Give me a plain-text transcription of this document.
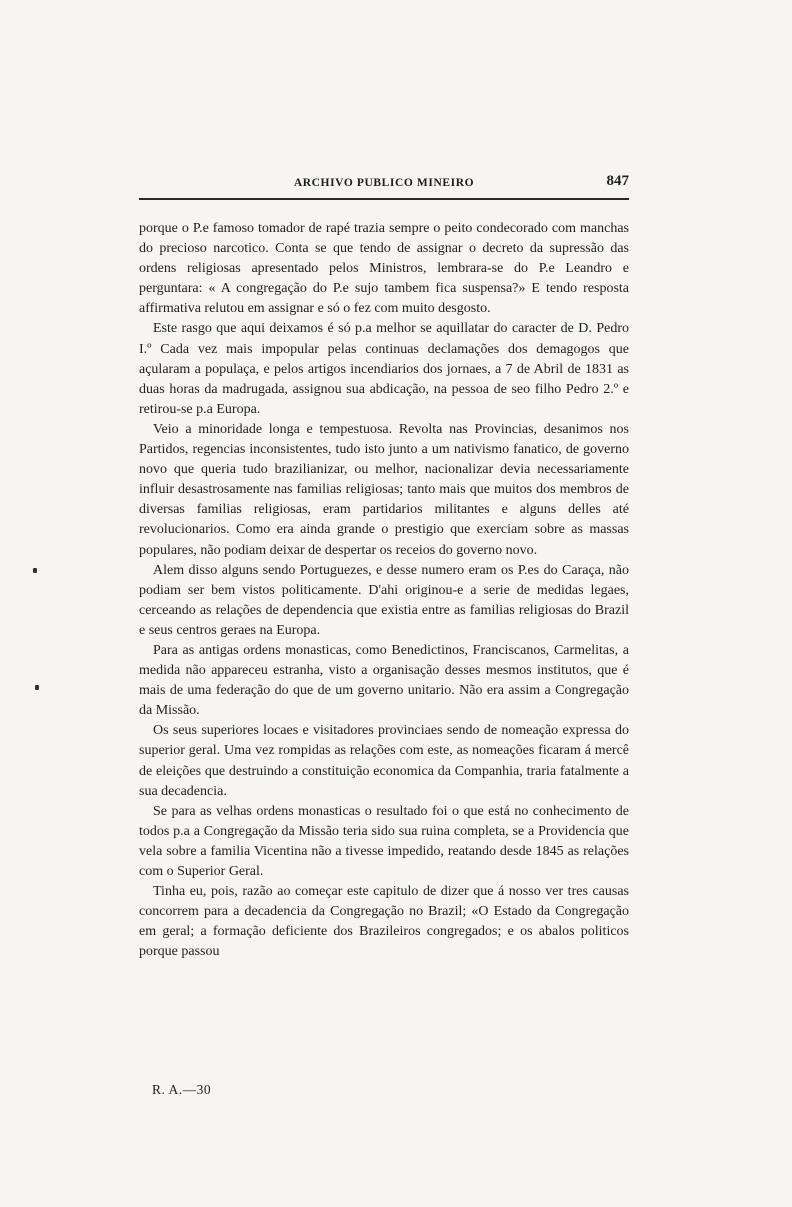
ARCHIVO PUBLICO MINEIRO	847

porque o P.e famoso tomador de rapé trazia sempre o peito condecorado com manchas do precioso narcotico. Conta se que tendo de assignar o decreto da supressão das ordens religiosas apresentado pelos Ministros, lembrara-se do P.e Leandro e perguntara: « A congregação do P.e sujo tambem fica suspensa?» E tendo resposta affirmativa relutou em assignar e só o fez com muito desgosto.

Este rasgo que aqui deixamos é só p.a melhor se aquillatar do caracter de D. Pedro I.º Cada vez mais impopular pelas continuas declamações dos demagogos que açularam a populaça, e pelos artigos incendiarios dos jornaes, a 7 de Abril de 1831 as duas horas da madrugada, assignou sua abdicação, na pessoa de seo filho Pedro 2.º e retirou-se p.a Europa.

Veio a minoridade longa e tempestuosa. Revolta nas Provincias, desanimos nos Partidos, regencias inconsistentes, tudo isto junto a um nativismo fanatico, de governo novo que queria tudo brazilianizar, ou melhor, nacionalizar devia necessariamente influir desastrosamente nas familias religiosas; tanto mais que muitos dos membros de diversas familias religiosas, eram partidarios militantes e alguns delles até revolucionarios. Como era ainda grande o prestigio que exerciam sobre as massas populares, não podiam deixar de despertar os receios do governo novo.

Alem disso alguns sendo Portuguezes, e desse numero eram os P.es do Caraça, não podiam ser bem vistos politicamente. D'ahi originou-e a serie de medidas legaes, cerceando as relações de dependencia que existia entre as familias religiosas do Brazil e seus centros geraes na Europa.

Para as antigas ordens monasticas, como Benedictinos, Franciscanos, Carmelitas, a medida não appareceu estranha, visto a organisação desses mesmos institutos, que é mais de uma federação do que de um governo unitario. Não era assim a Congregação da Missão.

Os seus superiores locaes e visitadores provinciaes sendo de nomeação expressa do superior geral. Uma vez rompidas as relações com este, as nomeações ficaram á mercê de eleições que destruindo a constituição economica da Companhia, traria fatalmente a sua decadencia.

Se para as velhas ordens monasticas o resultado foi o que está no conhecimento de todos p.a a Congregação da Missão teria sido sua ruina completa, se a Providencia que vela sobre a familia Vicentina não a tivesse impedido, reatando desde 1845 as relações com o Superior Geral.

Tinha eu, pois, razão ao começar este capitulo de dizer que á nosso ver tres causas concorrem para a decadencia da Congregação no Brazil; «O Estado da Congregação em geral; a formação deficiente dos Brazileiros congregados; e os abalos politicos porque passou

R. A.—30
